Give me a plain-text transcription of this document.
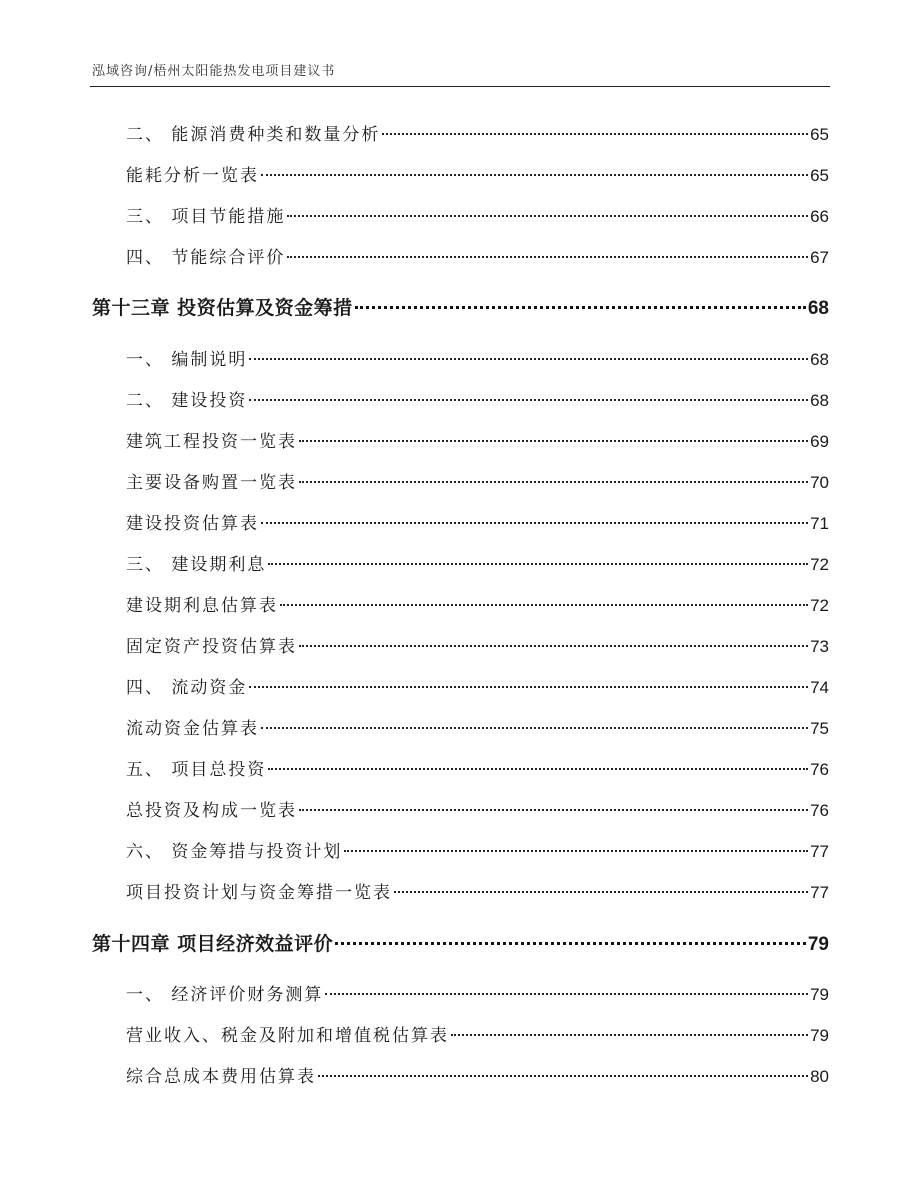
泓域咨询/梧州太阳能热发电项目建议书
二、 能源消费种类和数量分析	65
能耗分析一览表	65
三、 项目节能措施	66
四、 节能综合评价	67
第十三章 投资估算及资金筹措	68
一、 编制说明	68
二、 建设投资	68
建筑工程投资一览表	69
主要设备购置一览表	70
建设投资估算表	71
三、 建设期利息	72
建设期利息估算表	72
固定资产投资估算表	73
四、 流动资金	74
流动资金估算表	75
五、 项目总投资	76
总投资及构成一览表	76
六、 资金筹措与投资计划	77
项目投资计划与资金筹措一览表	77
第十四章 项目经济效益评价	79
一、 经济评价财务测算	79
营业收入、税金及附加和增值税估算表	79
综合总成本费用估算表	80
